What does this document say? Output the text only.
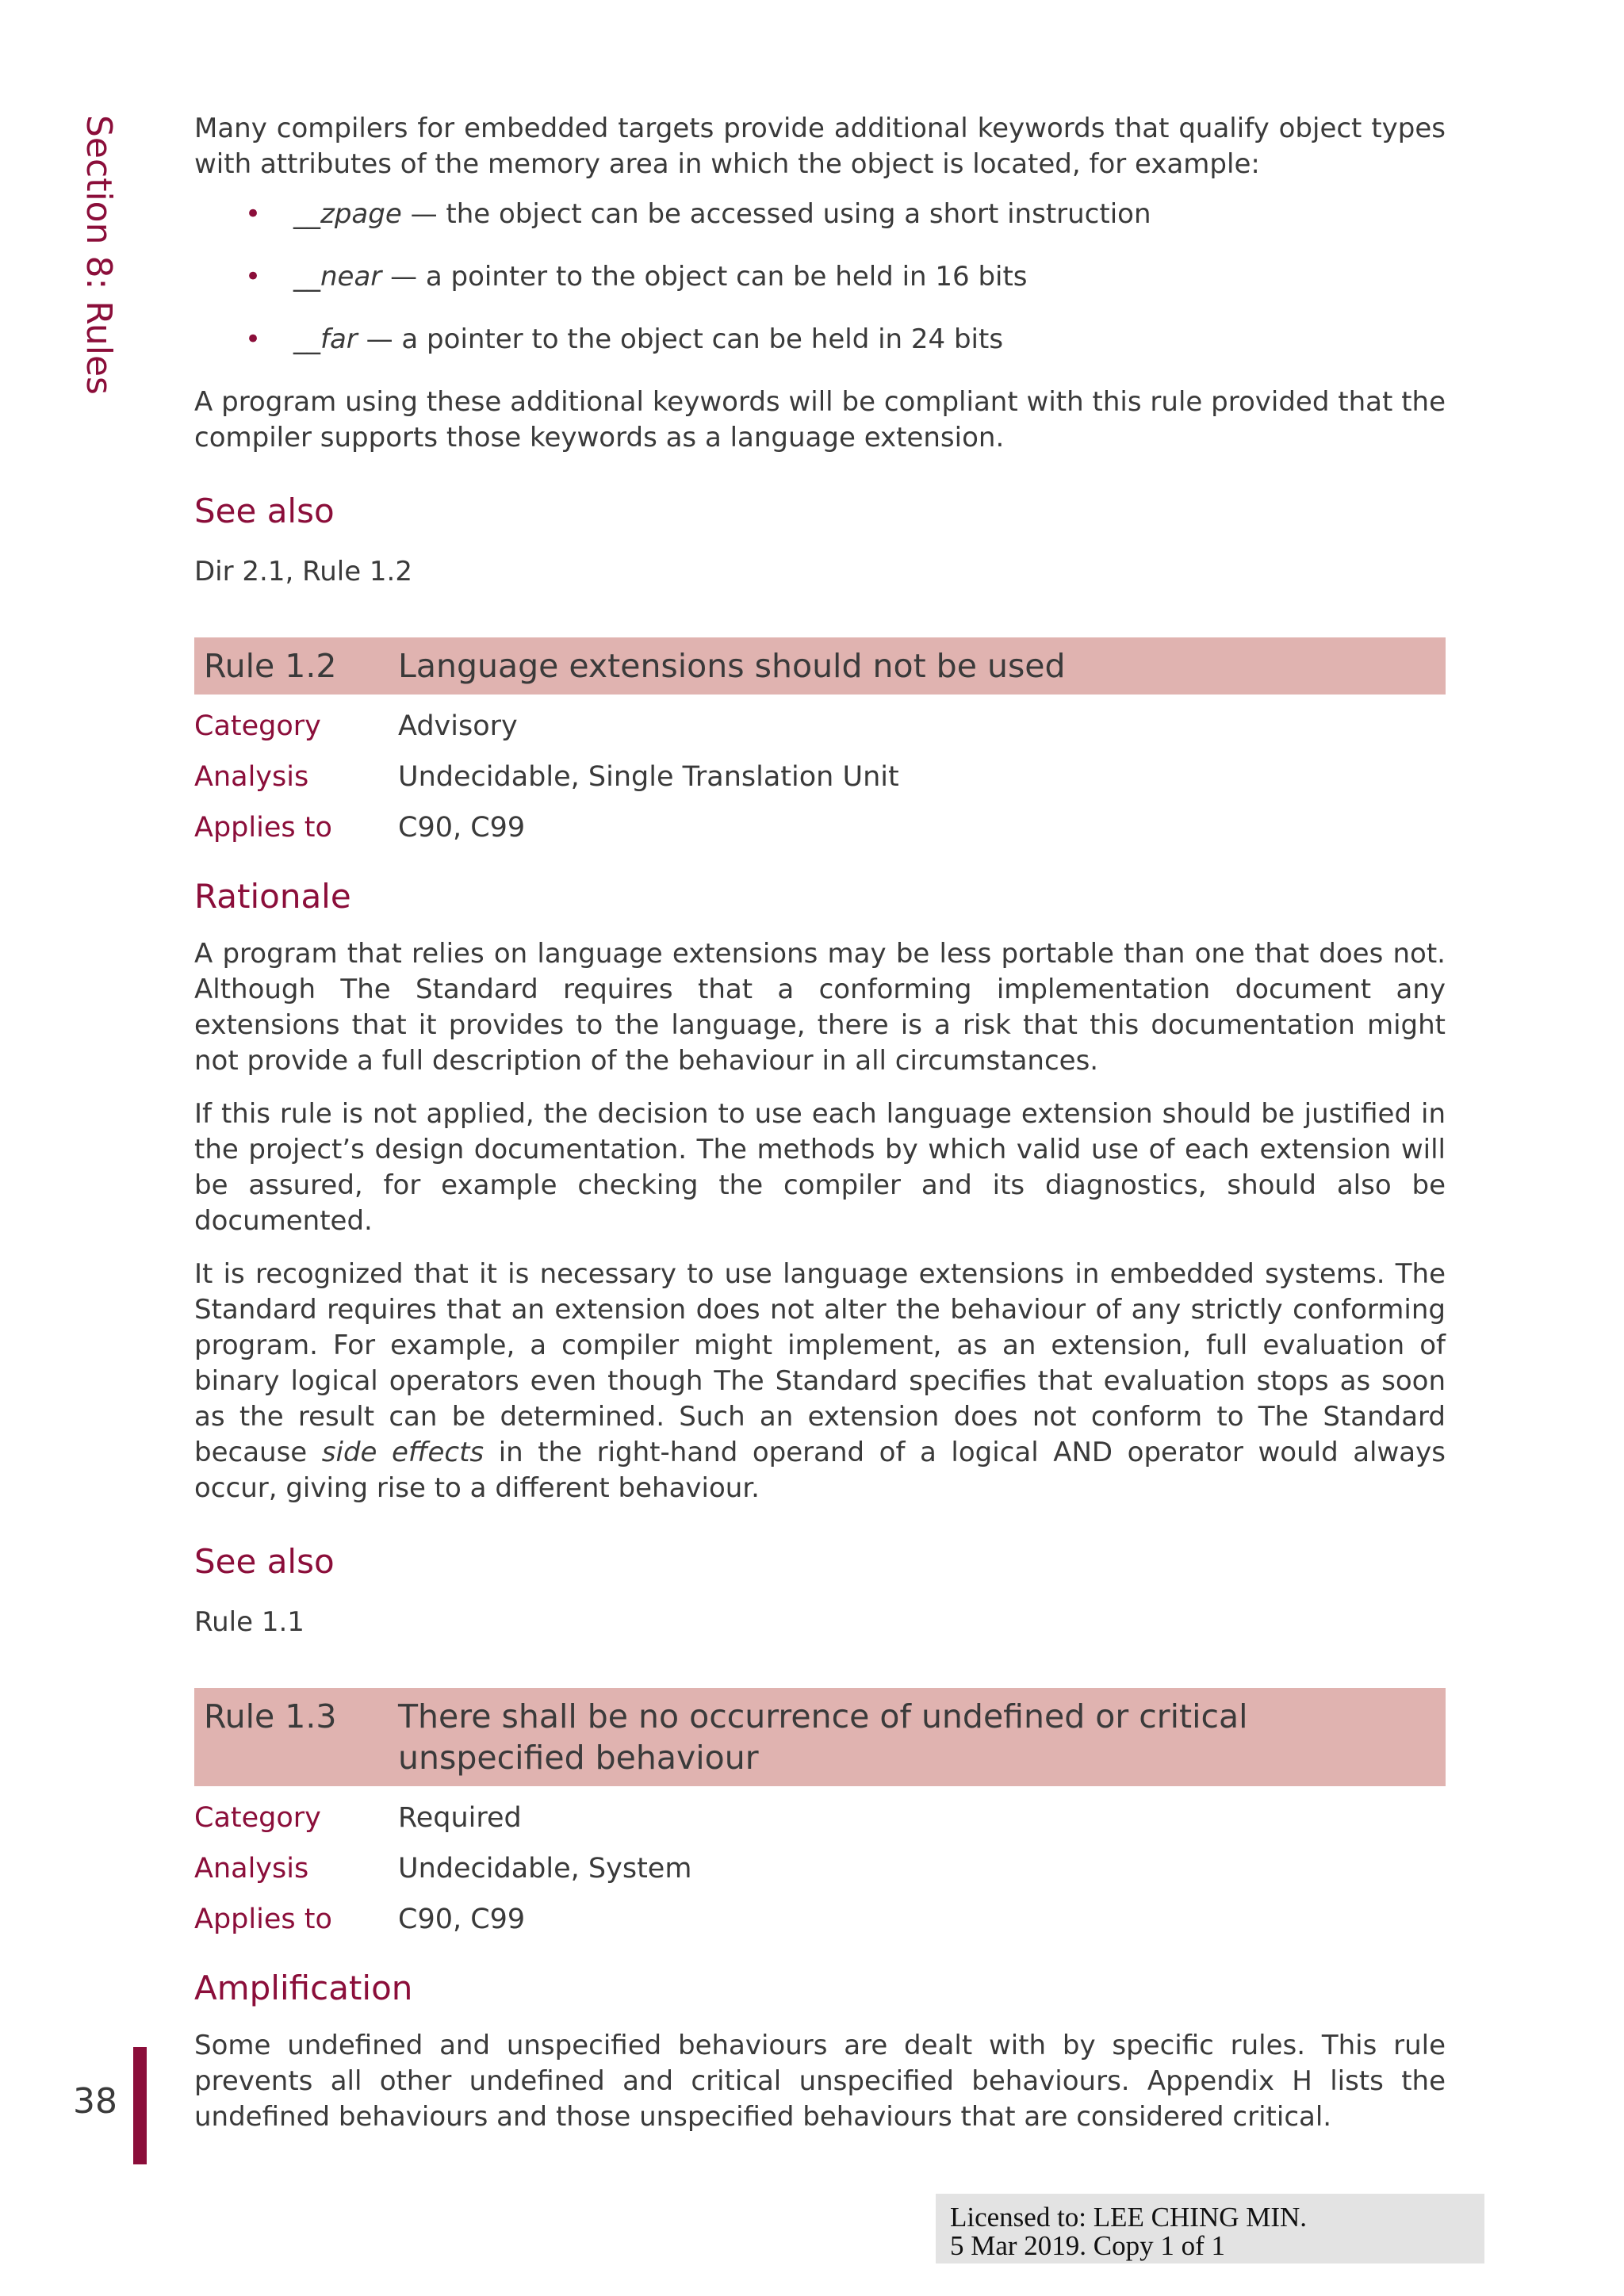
Section 8: Rules	Many compilers for embedded targets provide additional keywords that qualify object types with attributes of the memory area in which the object is located, for example:

• __zpage — the object can be accessed using a short instruction
• __near — a pointer to the object can be held in 16 bits
• __far — a pointer to the object can be held in 24 bits

A program using these additional keywords will be compliant with this rule provided that the compiler supports those keywords as a language extension.

See also

Dir 2.1, Rule 1.2

Rule 1.2	Language extensions should not be used
Category	Advisory
Analysis	Undecidable, Single Translation Unit
Applies to	C90, C99
Rationale

A program that relies on language extensions may be less portable than one that does not. Although The Standard requires that a conforming implementation document any extensions that it provides to the language, there is a risk that this documentation might not provide a full description of the behaviour in all circumstances.

If this rule is not applied, the decision to use each language extension should be justified in the project’s design documentation. The methods by which valid use of each extension will be assured, for example checking the compiler and its diagnostics, should also be documented.

It is recognized that it is necessary to use language extensions in embedded systems. The Standard requires that an extension does not alter the behaviour of any strictly conforming program. For example, a compiler might implement, as an extension, full evaluation of binary logical operators even though The Standard specifies that evaluation stops as soon as the result can be determined. Such an extension does not conform to The Standard because side effects in the right-hand operand of a logical AND operator would always occur, giving rise to a different behaviour.

See also

Rule 1.1

Rule 1.3	There shall be no occurrence of undefined or critical unspecified behaviour
Category	Required
Analysis	Undecidable, System
Applies to	C90, C99
Amplification

Some undefined and unspecified behaviours are dealt with by specific rules. This rule prevents all other undefined and critical unspecified behaviours. Appendix H lists the undefined behaviours and those unspecified behaviours that are considered critical.

38
Licensed to: LEE CHING MIN.
5 Mar 2019. Copy 1 of 1
